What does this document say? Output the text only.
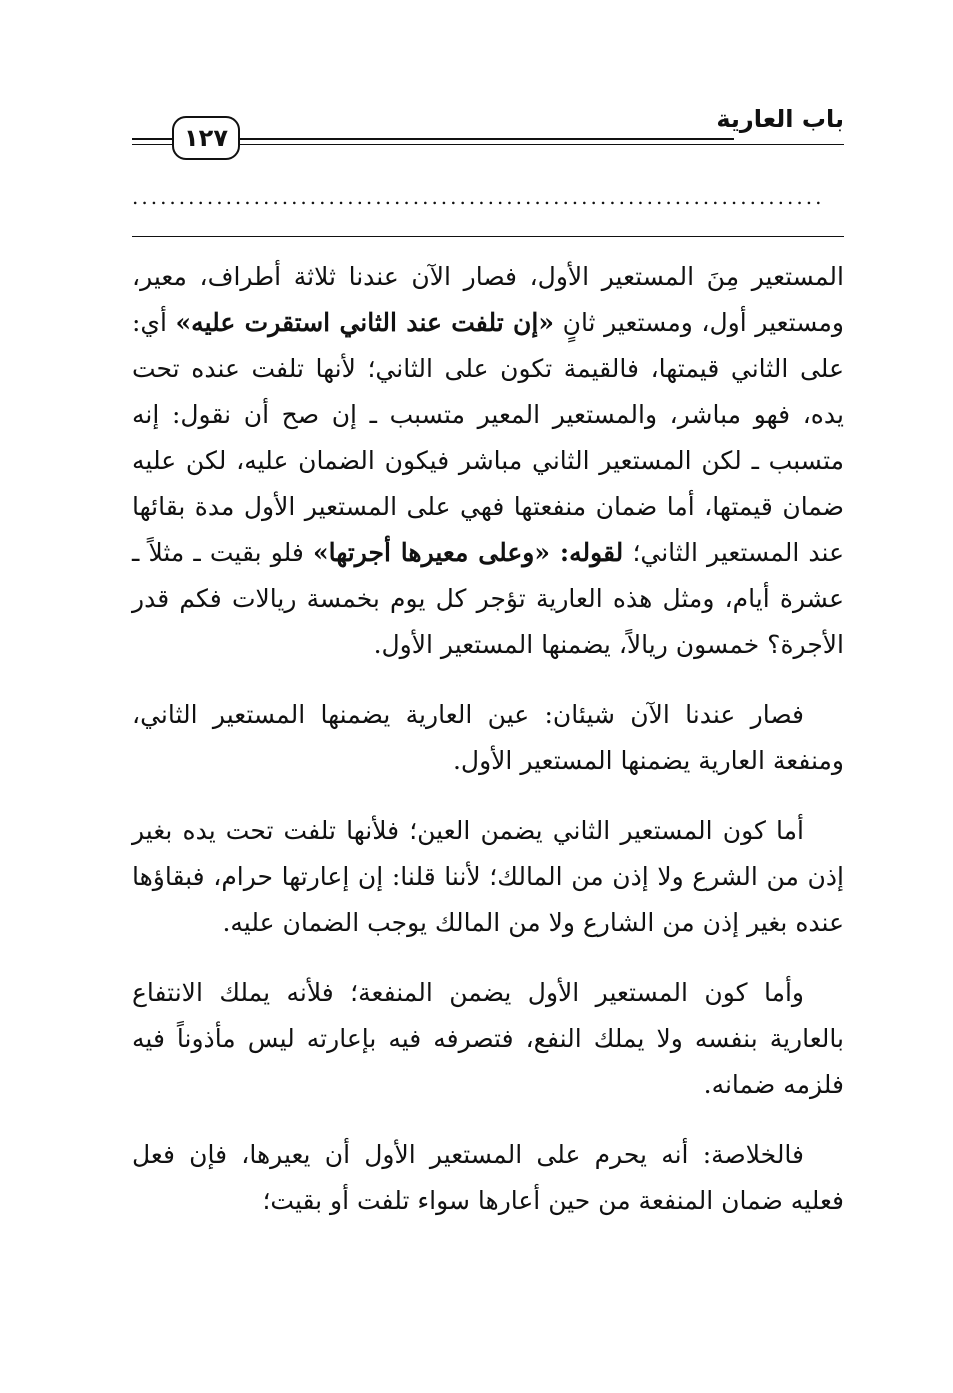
باب العارية
١٢٧
..........................................................................

المستعير مِنَ المستعير الأول، فصار الآن عندنا ثلاثة أطراف، معير، ومستعير أول، ومستعير ثانٍ «إن تلفت عند الثاني استقرت عليه» أي: على الثاني قيمتها، فالقيمة تكون على الثاني؛ لأنها تلفت عنده تحت يده، فهو مباشر، والمستعير المعير متسبب ـ إن صح أن نقول: إنه متسبب ـ لكن المستعير الثاني مباشر فيكون الضمان عليه، لكن عليه ضمان قيمتها، أما ضمان منفعتها فهي على المستعير الأول مدة بقائها عند المستعير الثاني؛ لقوله: «وعلى معيرها أجرتها» فلو بقيت ـ مثلاً ـ عشرة أيام، ومثل هذه العارية تؤجر كل يوم بخمسة ريالات فكم قدر الأجرة؟ خمسون ريالاً، يضمنها المستعير الأول.

فصار عندنا الآن شيئان: عين العارية يضمنها المستعير الثاني، ومنفعة العارية يضمنها المستعير الأول.

أما كون المستعير الثاني يضمن العين؛ فلأنها تلفت تحت يده بغير إذن من الشرع ولا إذن من المالك؛ لأننا قلنا: إن إعارتها حرام، فبقاؤها عنده بغير إذن من الشارع ولا من المالك يوجب الضمان عليه.

وأما كون المستعير الأول يضمن المنفعة؛ فلأنه يملك الانتفاع بالعارية بنفسه ولا يملك النفع، فتصرفه فيه بإعارته ليس مأذوناً فيه فلزمه ضمانه.

فالخلاصة: أنه يحرم على المستعير الأول أن يعيرها، فإن فعل فعليه ضمان المنفعة من حين أعارها سواء تلفت أو بقيت؛
